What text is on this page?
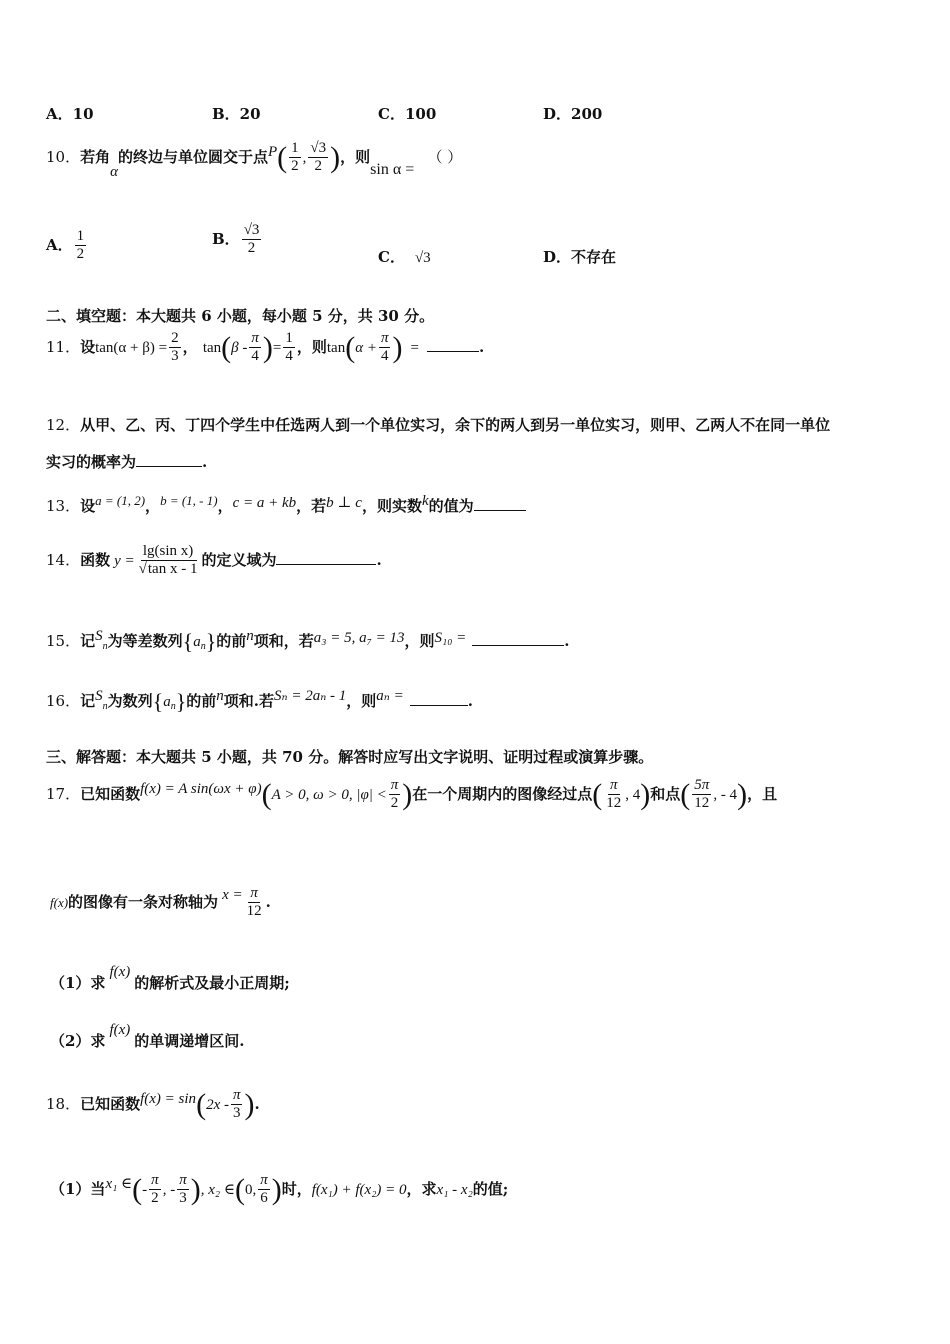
A．10	B．20	C．100	D．200
10．若角α的终边与单位圆交于点$P( \frac{1}{2}$ , $\frac{√3}{2}$ )，则sin α = （ ）
A． $\frac{1}{2}$	B． $\frac{√3}{2}$	C． √3	D．不存在
二、填空题：本大题共 6 小题，每小题 5 分，共 30 分。
11．设$\tan(\alpha + \beta) = \frac{2}{3}$ ， $\tan(\beta - \frac{\pi}{4}$ )= $\frac{1}{4}$ ，则$\tan(\alpha + \frac{\pi}{4}$ ) =	.
12．从甲、乙、丙、丁四个学生中任选两人到一个单位实习，余下的两人到另一单位实习，则甲、乙两人不在同一单位
实习的概率为	.
13．设a = (1, 2)，b = (1, - 1)，c = a + kb，若b ⊥ c，则实数k的值为
14．函数 $y = \frac{\text{lg(sin x)}}{\text{√tan x - 1}}$ 的定义域为	.
15．记$S_n$为等差数列$\{a_n\}$的前n项和，若a₃ = 5, a₇ = 13，则S₁₀ =	.
16．记$S_n$为数列$\{a_n\}$的前n项和.若Sₙ = 2aₙ - 1，则aₙ =	.
三、解答题：本大题共 5 小题，共 70 分。解答时应写出文字说明、证明过程或演算步骤。
17．已知函数f(x) = A sin(ωx + φ)(A > 0, ω > 0, $|\varphi| < \frac{\pi}{2}$ )在一个周期内的图像经过点( $\frac{\pi}{12}$ , 4)和点( $\frac{5\pi}{12}$ , - 4)，且
f(x)的图像有一条对称轴为 $x = \frac{\pi}{12}$ .
（1）求f(x)的解析式及最小正周期;
（2）求f(x)的单调递增区间.
18．已知函数$f(x) = \sin(2x - \frac{\pi}{3}$ ).
（1）当x₁ ∈(- $\frac{\pi}{2}$ , - $\frac{\pi}{3}$ ), x₂ ∈(0, $\frac{\pi}{6}$ )时，f(x₁) + f(x₂) = 0，求x₁ - x₂的值;
